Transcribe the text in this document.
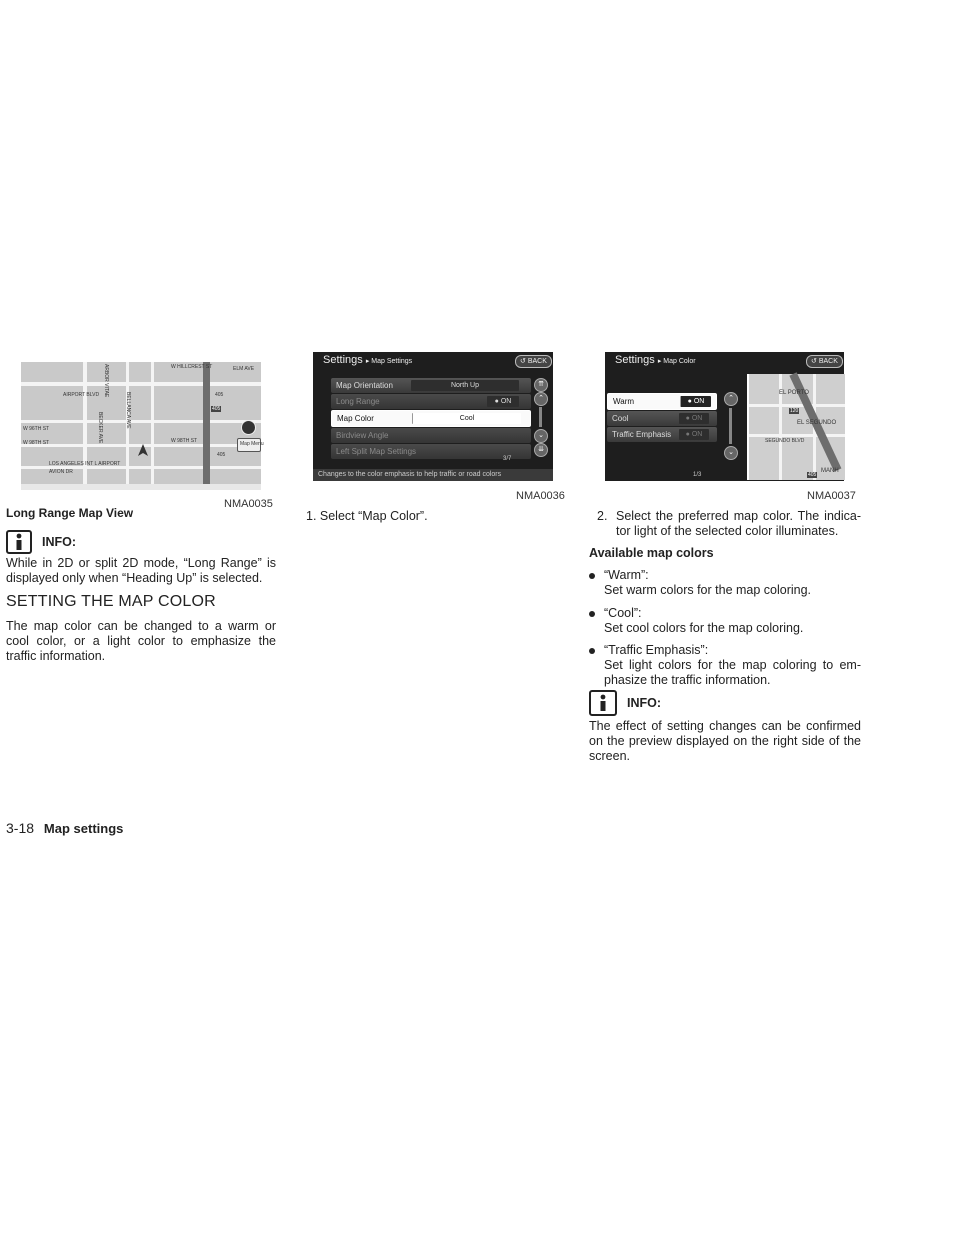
W HILLCREST ST	ELM AVE
AIRPORT BLVD
W 98TH ST
W 96TH ST
LOS ANGELES INT L AIRPORT
AVION DR
405
ARBOR VITAE
BELLANCA AVE
BECKER AVE	W 98TH ST
405
405
Map Menu
NMA0035
Long Range Map View
Settings ▸ Map Settings	↺ BACK
Map Orientation	North Up
Long Range	● ON
Map Color	Cool
Birdview Angle
Left Split Map Settings
⇈
⌃
⌄
⇊
3/7
Changes to the color emphasis to help traffic or road colors
NMA0036
1. Select “Map Color”.
Settings ▸ Map Color	↺ BACK
Warm	● ON
Cool	● ON
Traffic Emphasis	● ON
⌃
⌄
1/3
EL PORTO
EL SEGUNDO
MANH
SEGUNDO BLVD
120
405
NMA0037
INFO:
While in 2D or split 2D mode, “Long Range” is displayed only when “Heading Up” is selected.
SETTING THE MAP COLOR
The map color can be changed to a warm or cool color, or a light color to emphasize the traffic information.
2. Select the preferred map color. The indica-tor light of the selected color illuminates.
Available map colors
“Warm”:
Set warm colors for the map coloring.
“Cool”:
Set cool colors for the map coloring.
“Traffic Emphasis”:
Set light colors for the map coloring to em-phasize the traffic information.
INFO:
The effect of setting changes can be confirmed on the preview displayed on the right side of the screen.
3-18 Map settings
